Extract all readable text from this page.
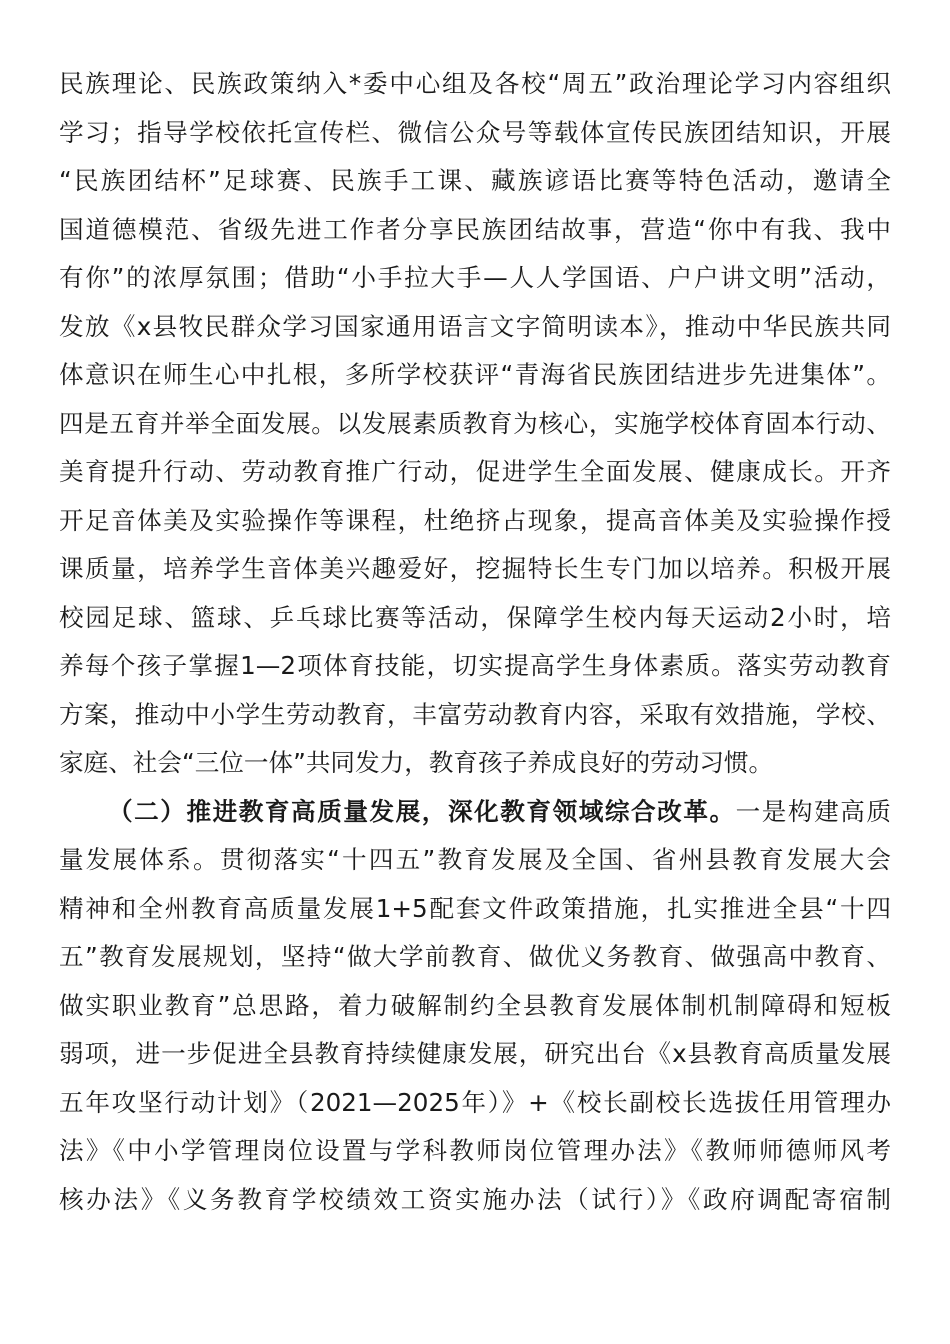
民族理论、民族政策纳入*委中心组及各校“周五”政治理论学习内容组织
学习；指导学校依托宣传栏、微信公众号等载体宣传民族团结知识，开展
“民族团结杯”足球赛、民族手工课、藏族谚语比赛等特色活动，邀请全
国道德模范、省级先进工作者分享民族团结故事，营造“你中有我、我中
有你”的浓厚氛围；借助“小手拉大手—人人学国语、户户讲文明”活动，
发放《x县牧民群众学习国家通用语言文字简明读本》，推动中华民族共同
体意识在师生心中扎根，多所学校获评“青海省民族团结进步先进集体”。
四是五育并举全面发展。以发展素质教育为核心，实施学校体育固本行动、
美育提升行动、劳动教育推广行动，促进学生全面发展、健康成长。开齐
开足音体美及实验操作等课程，杜绝挤占现象，提高音体美及实验操作授
课质量，培养学生音体美兴趣爱好，挖掘特长生专门加以培养。积极开展
校园足球、篮球、乒乓球比赛等活动，保障学生校内每天运动2小时，培
养每个孩子掌握1—2项体育技能，切实提高学生身体素质。落实劳动教育
方案，推动中小学生劳动教育，丰富劳动教育内容，采取有效措施，学校、
家庭、社会“三位一体”共同发力，教育孩子养成良好的劳动习惯。
（二）推进教育高质量发展，深化教育领域综合改革。一是构建高质
量发展体系。贯彻落实“十四五”教育发展及全国、省州县教育发展大会
精神和全州教育高质量发展1+5配套文件政策措施，扎实推进全县“十四
五”教育发展规划，坚持“做大学前教育、做优义务教育、做强高中教育、
做实职业教育”总思路，着力破解制约全县教育发展体制机制障碍和短板
弱项，进一步促进全县教育持续健康发展，研究出台《x县教育高质量发展
五年攻坚行动计划》（2021—2025年）》+《校长副校长选拔任用管理办
法》《中小学管理岗位设置与学科教师岗位管理办法》《教师师德师风考
核办法》《义务教育学校绩效工资实施办法（试行）》《政府调配寄宿制
